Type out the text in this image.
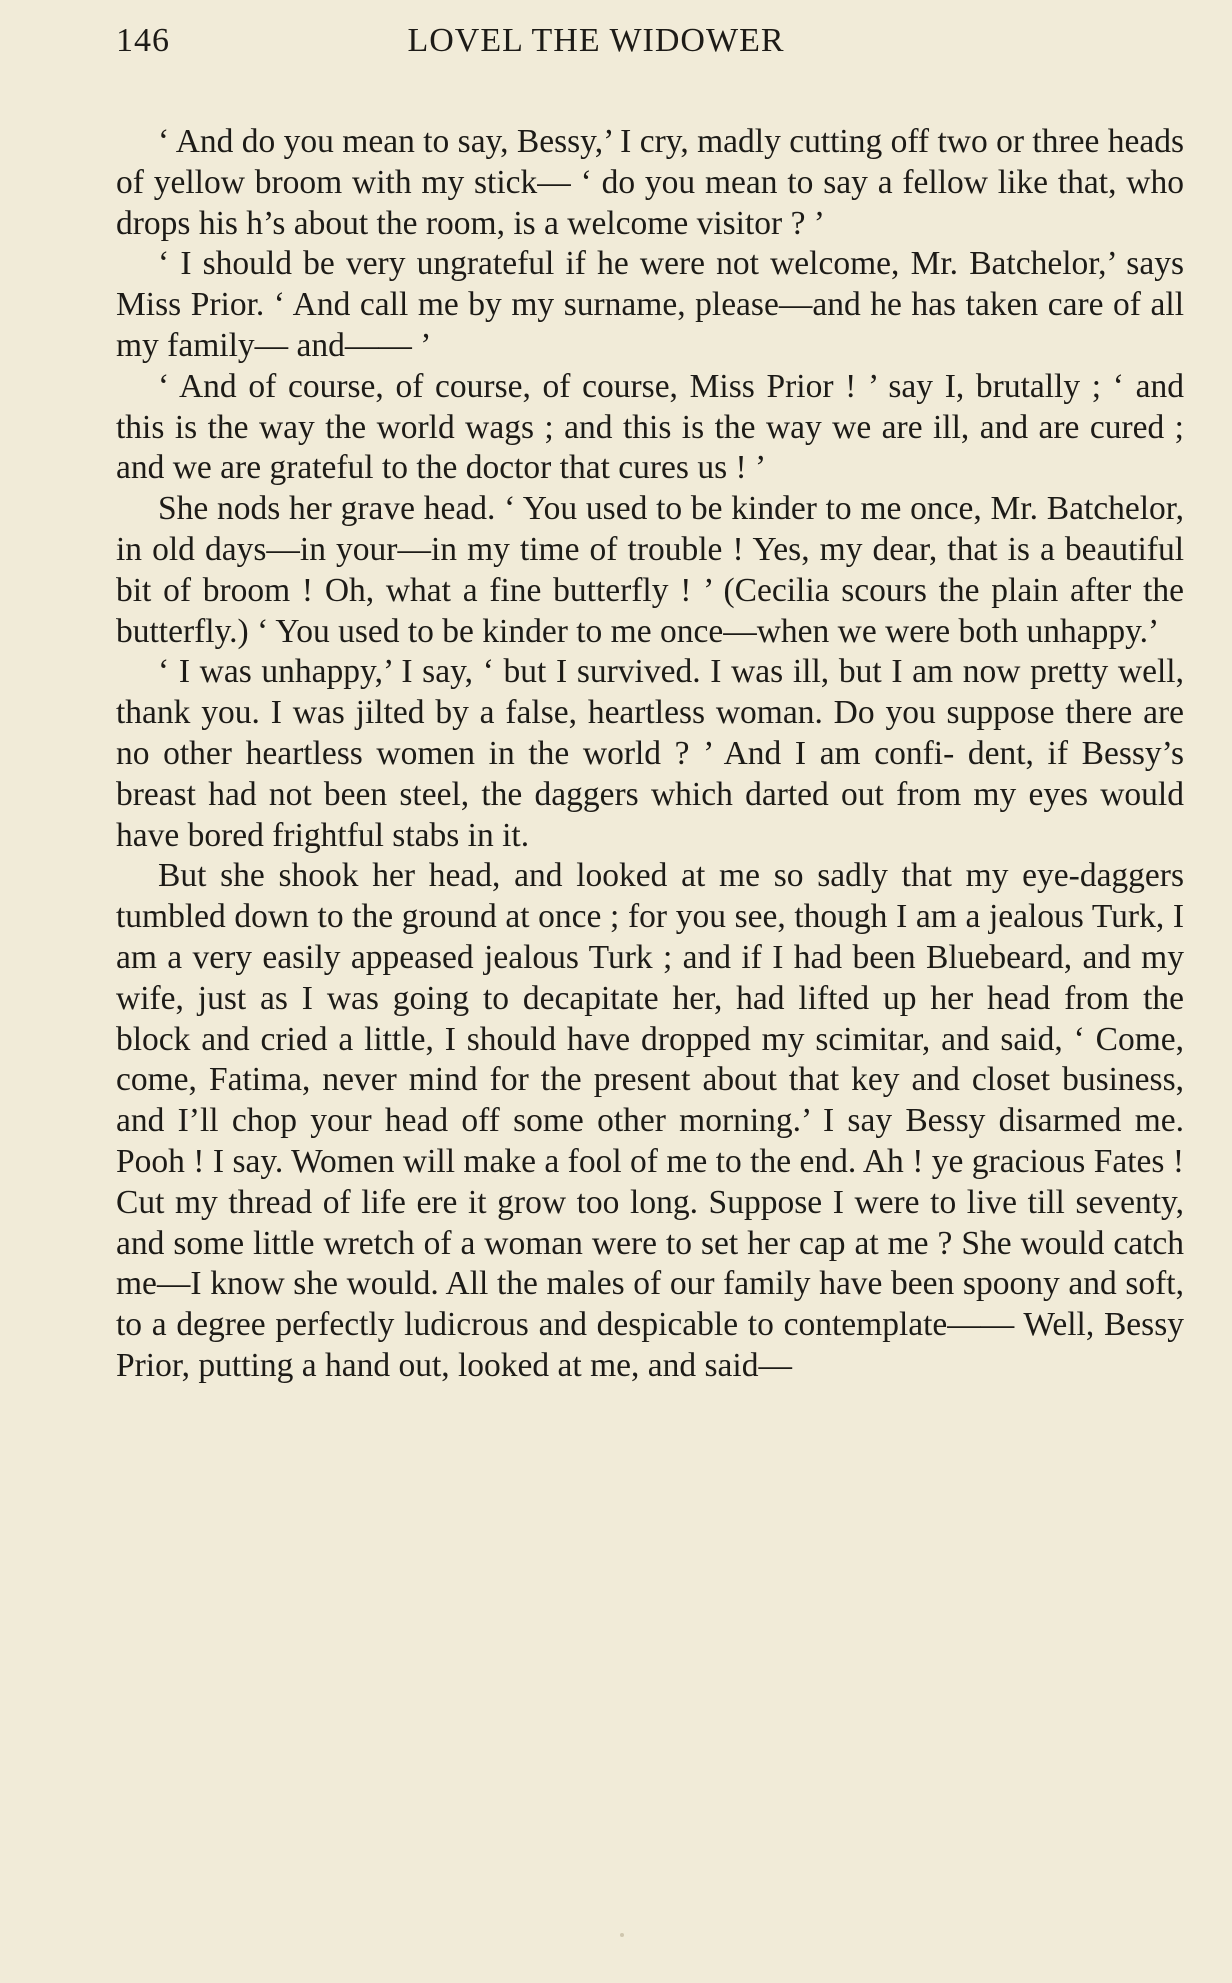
146	LOVEL THE WIDOWER

‘ And do you mean to say, Bessy,’ I cry, madly cutting off two or three heads of yellow broom with my stick— ‘ do you mean to say a fellow like that, who drops his h’s about the room, is a welcome visitor ? ’

‘ I should be very ungrateful if he were not welcome, Mr. Batchelor,’ says Miss Prior. ‘ And call me by my surname, please—and he has taken care of all my family— and—— ’

‘ And of course, of course, of course, Miss Prior ! ’ say I, brutally ; ‘ and this is the way the world wags ; and this is the way we are ill, and are cured ; and we are grateful to the doctor that cures us ! ’

She nods her grave head. ‘ You used to be kinder to me once, Mr. Batchelor, in old days—in your—in my time of trouble ! Yes, my dear, that is a beautiful bit of broom ! Oh, what a fine butterfly ! ’ (Cecilia scours the plain after the butterfly.) ‘ You used to be kinder to me once—when we were both unhappy.’

‘ I was unhappy,’ I say, ‘ but I survived. I was ill, but I am now pretty well, thank you. I was jilted by a false, heartless woman. Do you suppose there are no other heartless women in the world ? ’ And I am confi- dent, if Bessy’s breast had not been steel, the daggers which darted out from my eyes would have bored frightful stabs in it.

But she shook her head, and looked at me so sadly that my eye-daggers tumbled down to the ground at once ; for you see, though I am a jealous Turk, I am a very easily appeased jealous Turk ; and if I had been Bluebeard, and my wife, just as I was going to decapitate her, had lifted up her head from the block and cried a little, I should have dropped my scimitar, and said, ‘ Come, come, Fatima, never mind for the present about that key and closet business, and I’ll chop your head off some other morning.’ I say Bessy disarmed me. Pooh ! I say. Women will make a fool of me to the end. Ah ! ye gracious Fates ! Cut my thread of life ere it grow too long. Suppose I were to live till seventy, and some little wretch of a woman were to set her cap at me ? She would catch me—I know she would. All the males of our family have been spoony and soft, to a degree perfectly ludicrous and despicable to contemplate—— Well, Bessy Prior, putting a hand out, looked at me, and said—
